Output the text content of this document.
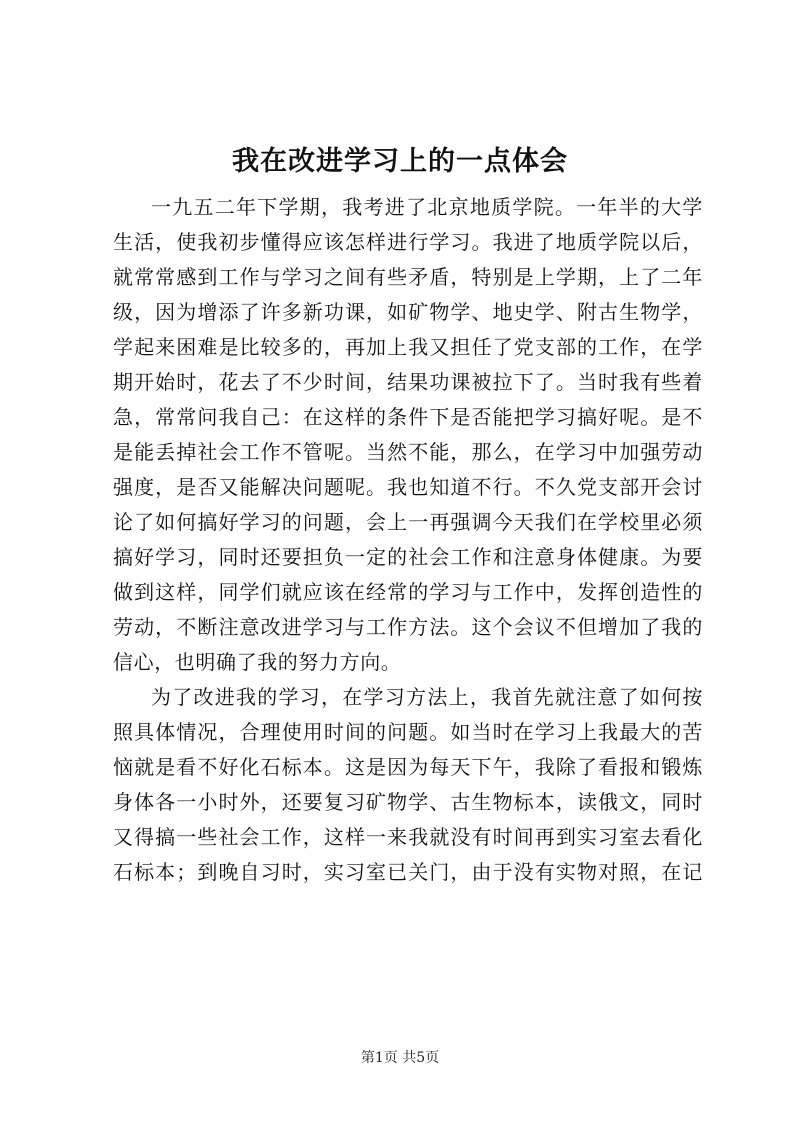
我在改进学习上的一点体会

一九五二年下学期，我考进了北京地质学院。一年半的大学
生活，使我初步懂得应该怎样进行学习。我进了地质学院以后，
就常常感到工作与学习之间有些矛盾，特别是上学期，上了二年
级，因为增添了许多新功课，如矿物学、地史学、附古生物学，
学起来困难是比较多的，再加上我又担任了党支部的工作，在学
期开始时，花去了不少时间，结果功课被拉下了。当时我有些着
急，常常问我自己：在这样的条件下是否能把学习搞好呢。是不
是能丢掉社会工作不管呢。当然不能，那么，在学习中加强劳动
强度，是否又能解决问题呢。我也知道不行。不久党支部开会讨
论了如何搞好学习的问题，会上一再强调今天我们在学校里必须
搞好学习，同时还要担负一定的社会工作和注意身体健康。为要
做到这样，同学们就应该在经常的学习与工作中，发挥创造性的
劳动，不断注意改进学习与工作方法。这个会议不但增加了我的
信心，也明确了我的努力方向。

为了改进我的学习，在学习方法上，我首先就注意了如何按
照具体情况，合理使用时间的问题。如当时在学习上我最大的苦
恼就是看不好化石标本。这是因为每天下午，我除了看报和锻炼
身体各一小时外，还要复习矿物学、古生物标本，读俄文，同时
又得搞一些社会工作，这样一来我就没有时间再到实习室去看化
石标本；到晚自习时，实习室已关门，由于没有实物对照，在记

第1页 共5页
